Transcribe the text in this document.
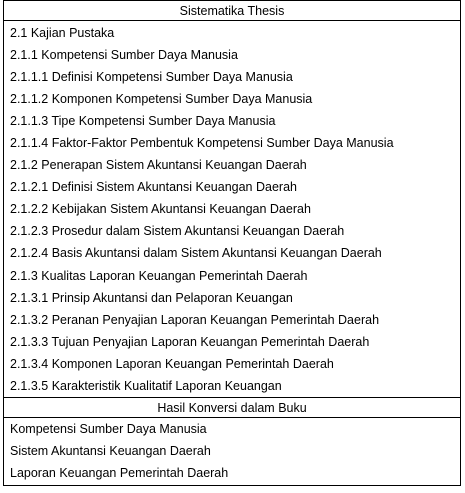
Sistematika Thesis
2.1 Kajian Pustaka
2.1.1 Kompetensi Sumber Daya Manusia
2.1.1.1 Definisi Kompetensi Sumber Daya Manusia
2.1.1.2 Komponen Kompetensi Sumber Daya Manusia
2.1.1.3 Tipe Kompetensi Sumber Daya Manusia
2.1.1.4 Faktor-Faktor Pembentuk Kompetensi Sumber Daya Manusia
2.1.2 Penerapan Sistem Akuntansi Keuangan Daerah
2.1.2.1 Definisi Sistem Akuntansi Keuangan Daerah
2.1.2.2 Kebijakan Sistem Akuntansi Keuangan Daerah
2.1.2.3 Prosedur dalam Sistem Akuntansi Keuangan Daerah
2.1.2.4 Basis Akuntansi dalam Sistem Akuntansi Keuangan Daerah
2.1.3 Kualitas Laporan Keuangan Pemerintah Daerah
2.1.3.1 Prinsip Akuntansi dan Pelaporan Keuangan
2.1.3.2 Peranan Penyajian Laporan Keuangan Pemerintah Daerah
2.1.3.3 Tujuan Penyajian Laporan Keuangan Pemerintah Daerah
2.1.3.4 Komponen Laporan Keuangan Pemerintah Daerah
2.1.3.5 Karakteristik Kualitatif Laporan Keuangan
Hasil Konversi dalam Buku
Kompetensi Sumber Daya Manusia
Sistem Akuntansi Keuangan Daerah
Laporan Keuangan Pemerintah Daerah
